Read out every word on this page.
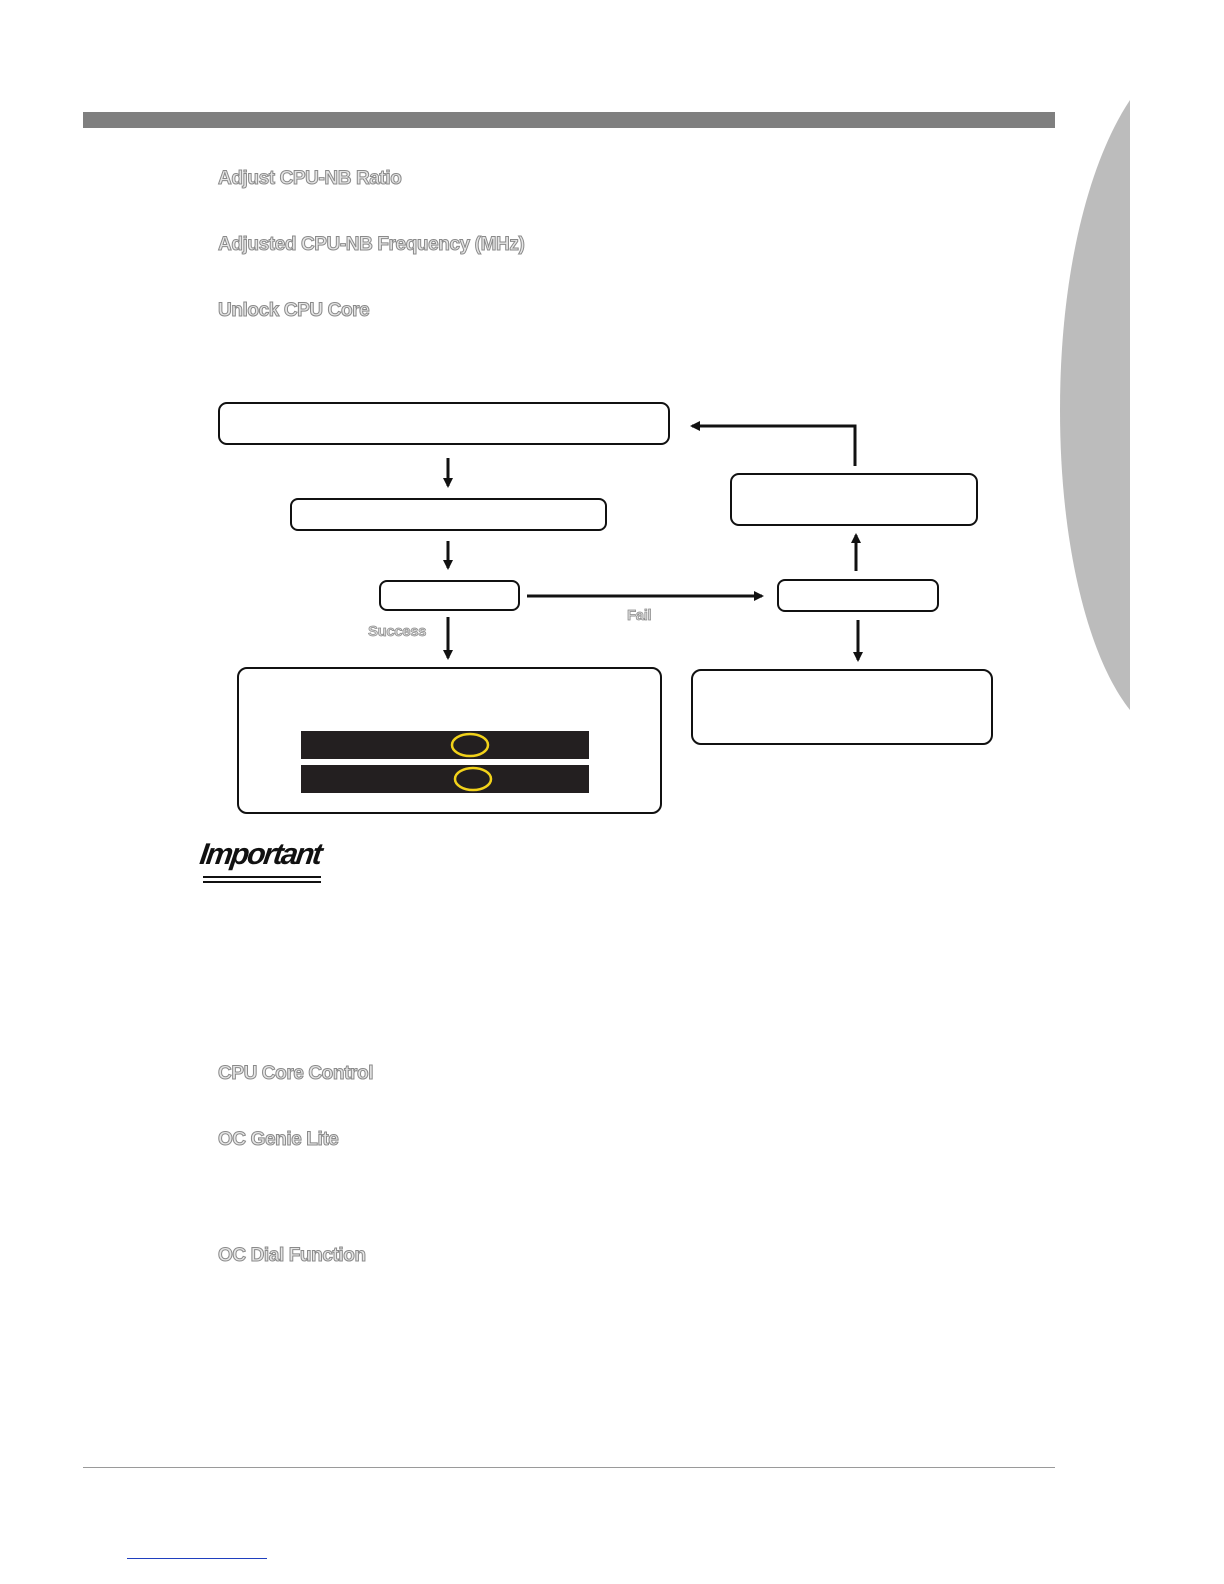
Adjust CPU-NB Ratio
Adjusted CPU-NB Frequency (MHz)
Unlock CPU Core
Success
Fail
Important
CPU Core Control
OC Genie Lite
OC Dial Function
